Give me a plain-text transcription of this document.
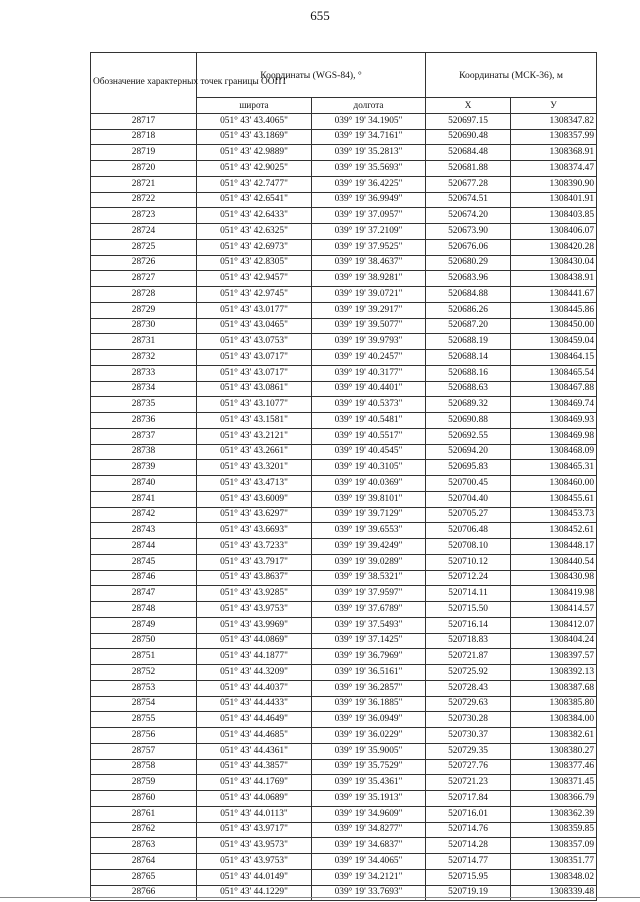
655
Обозначение характерных точек границы ООПТ	Координаты (WGS-84), °		Координаты (МСК-36), м	
	широта	долгота	X	У
28717	051° 43' 43.4065"	039° 19' 34.1905"	520697.15	1308347.82
28718	051° 43' 43.1869"	039° 19' 34.7161"	520690.48	1308357.99
28719	051° 43' 42.9889"	039° 19' 35.2813"	520684.48	1308368.91
28720	051° 43' 42.9025"	039° 19' 35.5693"	520681.88	1308374.47
28721	051° 43' 42.7477"	039° 19' 36.4225"	520677.28	1308390.90
28722	051° 43' 42.6541"	039° 19' 36.9949"	520674.51	1308401.91
28723	051° 43' 42.6433"	039° 19' 37.0957"	520674.20	1308403.85
28724	051° 43' 42.6325"	039° 19' 37.2109"	520673.90	1308406.07
28725	051° 43' 42.6973"	039° 19' 37.9525"	520676.06	1308420.28
28726	051° 43' 42.8305"	039° 19' 38.4637"	520680.29	1308430.04
28727	051° 43' 42.9457"	039° 19' 38.9281"	520683.96	1308438.91
28728	051° 43' 42.9745"	039° 19' 39.0721"	520684.88	1308441.67
28729	051° 43' 43.0177"	039° 19' 39.2917"	520686.26	1308445.86
28730	051° 43' 43.0465"	039° 19' 39.5077"	520687.20	1308450.00
28731	051° 43' 43.0753"	039° 19' 39.9793"	520688.19	1308459.04
28732	051° 43' 43.0717"	039° 19' 40.2457"	520688.14	1308464.15
28733	051° 43' 43.0717"	039° 19' 40.3177"	520688.16	1308465.54
28734	051° 43' 43.0861"	039° 19' 40.4401"	520688.63	1308467.88
28735	051° 43' 43.1077"	039° 19' 40.5373"	520689.32	1308469.74
28736	051° 43' 43.1581"	039° 19' 40.5481"	520690.88	1308469.93
28737	051° 43' 43.2121"	039° 19' 40.5517"	520692.55	1308469.98
28738	051° 43' 43.2661"	039° 19' 40.4545"	520694.20	1308468.09
28739	051° 43' 43.3201"	039° 19' 40.3105"	520695.83	1308465.31
28740	051° 43' 43.4713"	039° 19' 40.0369"	520700.45	1308460.00
28741	051° 43' 43.6009"	039° 19' 39.8101"	520704.40	1308455.61
28742	051° 43' 43.6297"	039° 19' 39.7129"	520705.27	1308453.73
28743	051° 43' 43.6693"	039° 19' 39.6553"	520706.48	1308452.61
28744	051° 43' 43.7233"	039° 19' 39.4249"	520708.10	1308448.17
28745	051° 43' 43.7917"	039° 19' 39.0289"	520710.12	1308440.54
28746	051° 43' 43.8637"	039° 19' 38.5321"	520712.24	1308430.98
28747	051° 43' 43.9285"	039° 19' 37.9597"	520714.11	1308419.98
28748	051° 43' 43.9753"	039° 19' 37.6789"	520715.50	1308414.57
28749	051° 43' 43.9969"	039° 19' 37.5493"	520716.14	1308412.07
28750	051° 43' 44.0869"	039° 19' 37.1425"	520718.83	1308404.24
28751	051° 43' 44.1877"	039° 19' 36.7969"	520721.87	1308397.57
28752	051° 43' 44.3209"	039° 19' 36.5161"	520725.92	1308392.13
28753	051° 43' 44.4037"	039° 19' 36.2857"	520728.43	1308387.68
28754	051° 43' 44.4433"	039° 19' 36.1885"	520729.63	1308385.80
28755	051° 43' 44.4649"	039° 19' 36.0949"	520730.28	1308384.00
28756	051° 43' 44.4685"	039° 19' 36.0229"	520730.37	1308382.61
28757	051° 43' 44.4361"	039° 19' 35.9005"	520729.35	1308380.27
28758	051° 43' 44.3857"	039° 19' 35.7529"	520727.76	1308377.46
28759	051° 43' 44.1769"	039° 19' 35.4361"	520721.23	1308371.45
28760	051° 43' 44.0689"	039° 19' 35.1913"	520717.84	1308366.79
28761	051° 43' 44.0113"	039° 19' 34.9609"	520716.01	1308362.39
28762	051° 43' 43.9717"	039° 19' 34.8277"	520714.76	1308359.85
28763	051° 43' 43.9573"	039° 19' 34.6837"	520714.28	1308357.09
28764	051° 43' 43.9753"	039° 19' 34.4065"	520714.77	1308351.77
28765	051° 43' 44.0149"	039° 19' 34.2121"	520715.95	1308348.02
28766	051° 43' 44.1229"	039° 19' 33.7693"	520719.19	1308339.48
